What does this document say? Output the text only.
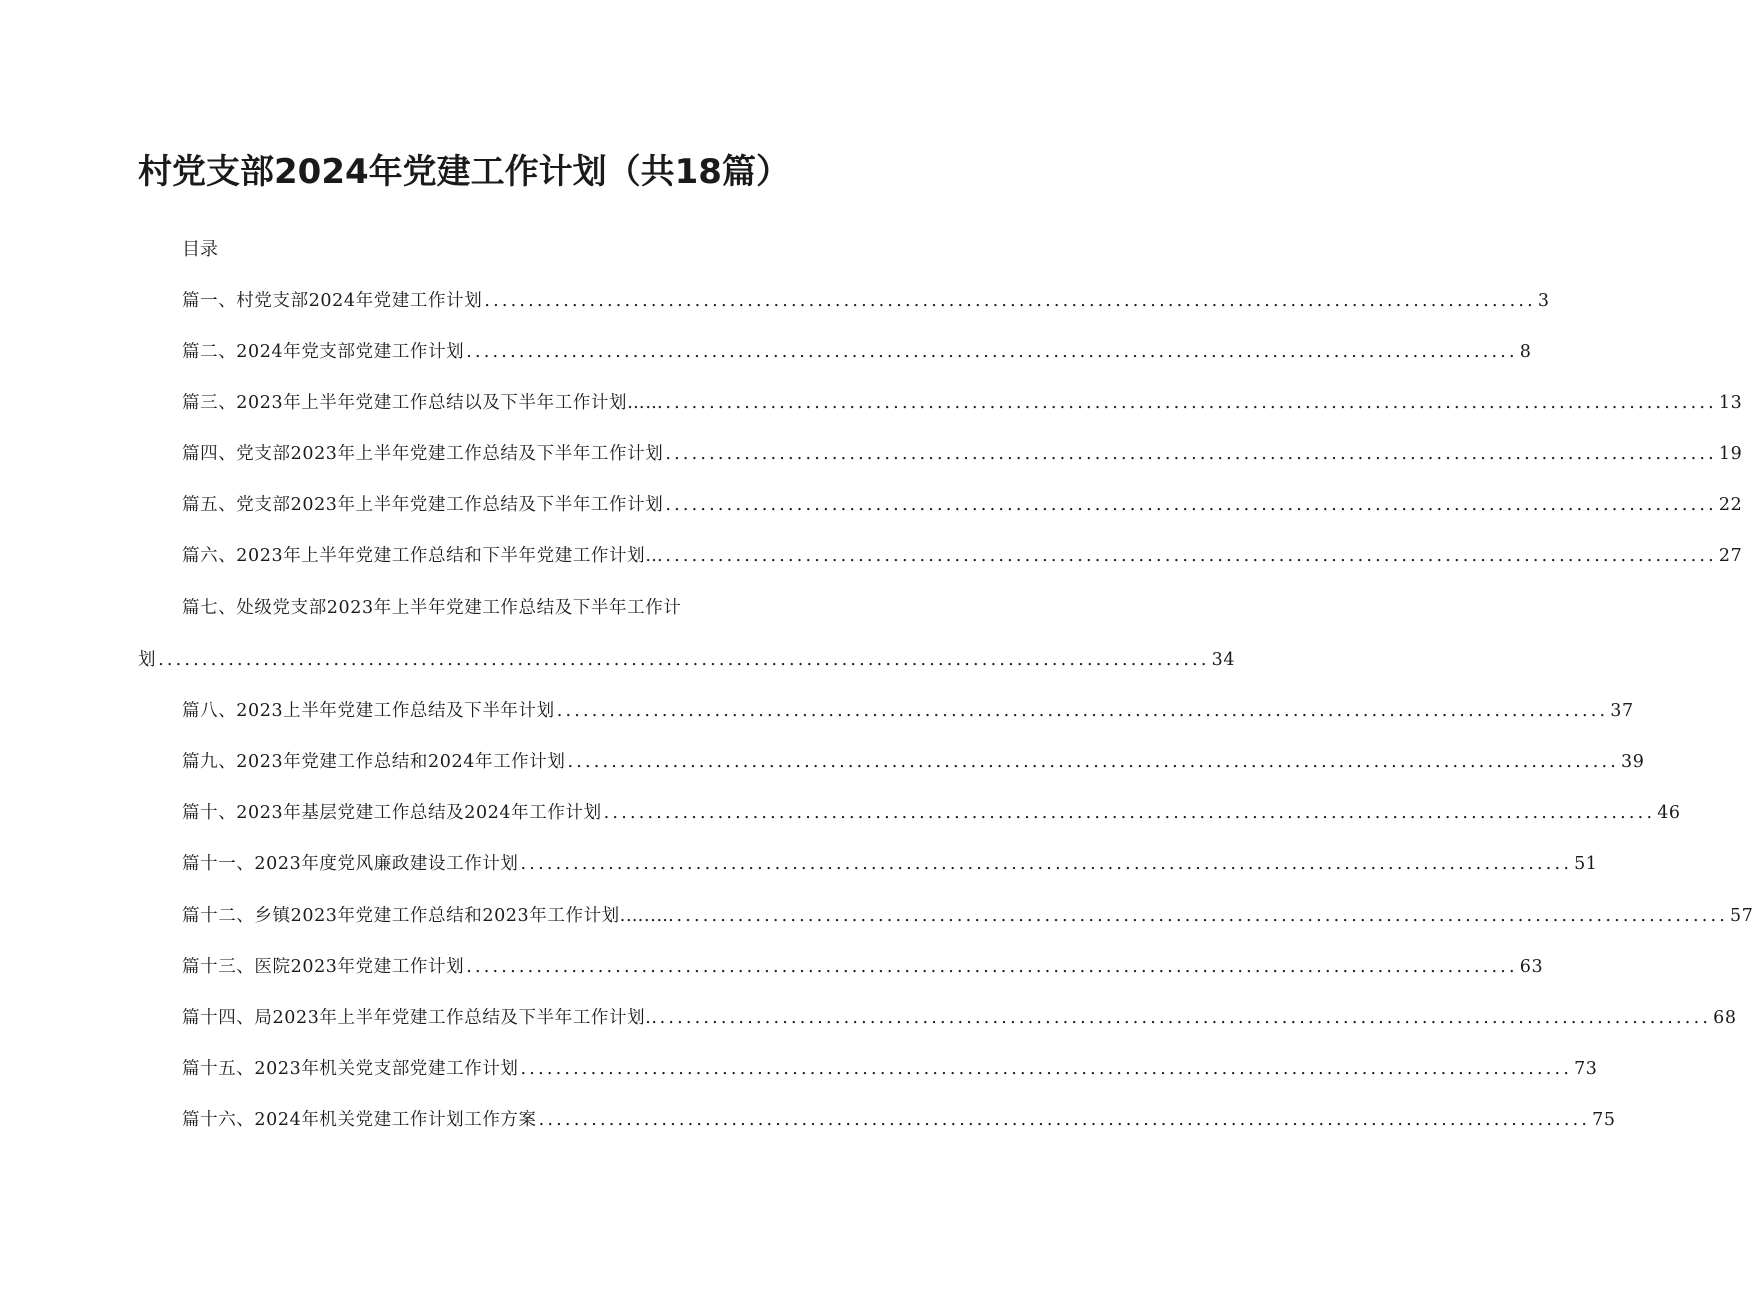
村党支部2024年党建工作计划（共18篇）
目录
篇一、村党支部2024年党建工作计划 ........................................................................................................................ 3
篇二、2024年党支部党建工作计划 ........................................................................................................................ 8
篇三、2023年上半年党建工作总结以及下半年工作计划…… ........................................................................................................................ 13
篇四、党支部2023年上半年党建工作总结及下半年工作计划 ........................................................................................................................ 19
篇五、党支部2023年上半年党建工作总结及下半年工作计划 ........................................................................................................................ 22
篇六、2023年上半年党建工作总结和下半年党建工作计划… ........................................................................................................................ 27
篇七、处级党支部2023年上半年党建工作总结及下半年工作计
划 ........................................................................................................................ 34
篇八、2023上半年党建工作总结及下半年计划 ........................................................................................................................ 37
篇九、2023年党建工作总结和2024年工作计划 ........................................................................................................................ 39
篇十、2023年基层党建工作总结及2024年工作计划 ........................................................................................................................ 46
篇十一、2023年度党风廉政建设工作计划 ........................................................................................................................ 51
篇十二、乡镇2023年党建工作总结和2023年工作计划.…..… ........................................................................................................................ 57
篇十三、医院2023年党建工作计划 ........................................................................................................................ 63
篇十四、局2023年上半年党建工作总结及下半年工作计划.. ........................................................................................................................ 68
篇十五、2023年机关党支部党建工作计划 ........................................................................................................................ 73
篇十六、2024年机关党建工作计划工作方案 ........................................................................................................................ 75
